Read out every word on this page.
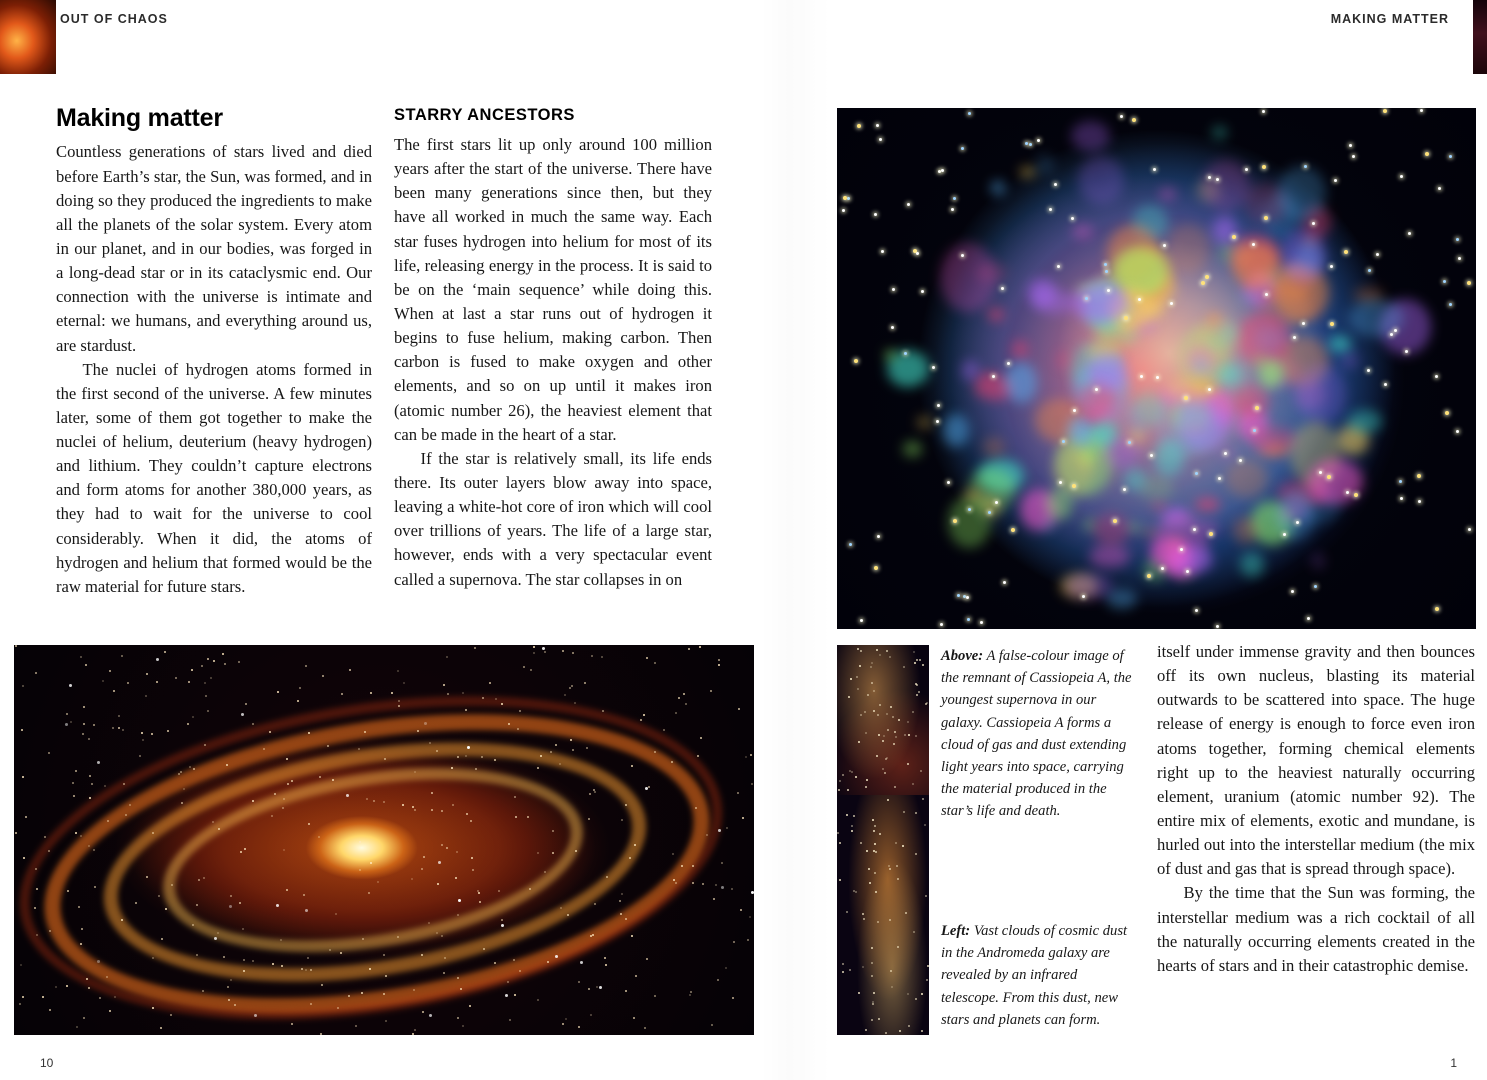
OUT OF CHAOS	MAKING MATTER
Making matter

Countless generations of stars lived and died before Earth’s star, the Sun, was formed, and in doing so they produced the ingredients to make all the planets of the solar system. Every atom in our planet, and in our bodies, was forged in a long-dead star or in its cataclysmic end. Our connection with the universe is intimate and eternal: we humans, and everything around us, are stardust.

The nuclei of hydrogen atoms formed in the first second of the universe. A few minutes later, some of them got together to make the nuclei of helium, deuterium (heavy hydrogen) and lithium. They couldn’t capture electrons and form atoms for another 380,000 years, as they had to wait for the universe to cool considerably. When it did, the atoms of hydrogen and helium that formed would be the raw material for future stars.

STARRY ANCESTORS

The first stars lit up only around 100 million years after the start of the universe. There have been many generations since then, but they have all worked in much the same way. Each star fuses hydrogen into helium for most of its life, releasing energy in the process. It is said to be on the ‘main sequence’ while doing this. When at last a star runs out of hydrogen it begins to fuse helium, making carbon. Then carbon is fused to make oxygen and other elements, and so on up until it makes iron (atomic number 26), the heaviest element that can be made in the heart of a star.

If the star is relatively small, its life ends there. Its outer layers blow away into space, leaving a white-hot core of iron which will cool over trillions of years. The life of a large star, however, ends with a very spectacular event called a supernova. The star collapses in on

itself under immense gravity and then bounces off its own nucleus, blasting its material outwards to be scattered into space. The huge release of energy is enough to force even iron atoms together, forming chemical elements right up to the heaviest naturally occurring element, uranium (atomic number 92). The entire mix of elements, exotic and mundane, is hurled out into the interstellar medium (the mix of dust and gas that is spread through space).

By the time that the Sun was forming, the interstellar medium was a rich cocktail of all the naturally occurring elements created in the hearts of stars and in their catastrophic demise.

Above: A false-colour image of the remnant of Cassiopeia A, the youngest supernova in our galaxy. Cassiopeia A forms a cloud of gas and dust extending light years into space, carrying the material produced in the star’s life and death.
Left: Vast clouds of cosmic dust in the Andromeda galaxy are revealed by an infrared telescope. From this dust, new stars and planets can form.
10	1
